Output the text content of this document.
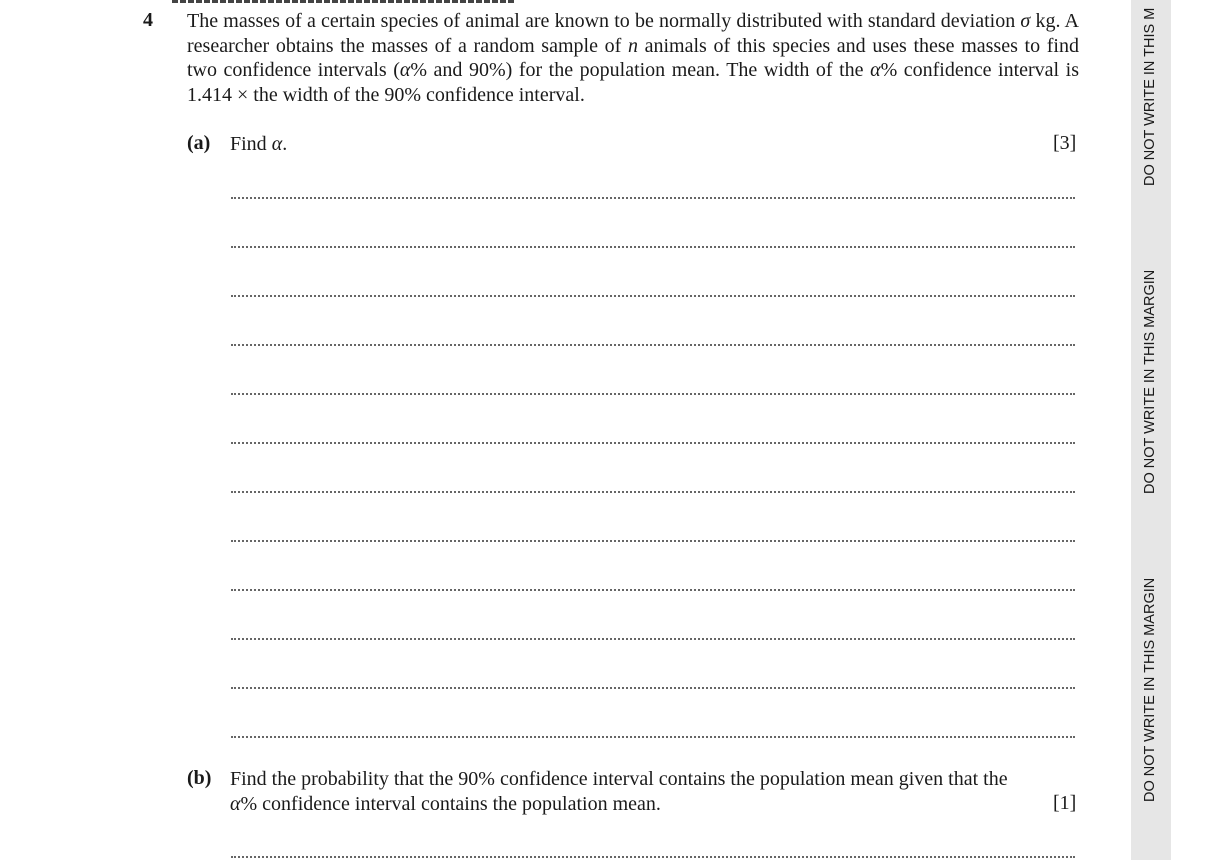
4 The masses of a certain species of animal are known to be normally distributed with standard deviation σ kg. A researcher obtains the masses of a random sample of n animals of this species and uses these masses to find two confidence intervals (α% and 90%) for the population mean. The width of the α% confidence interval is 1.414 × the width of the 90% confidence interval.
(a) Find α.	[3]
(b) Find the probability that the 90% confidence interval contains the population mean given that the
α% confidence interval contains the population mean.	[1]
DO NOT WRITE IN THIS M
DO NOT WRITE IN THIS MARGIN
DO NOT WRITE IN THIS MARGIN
